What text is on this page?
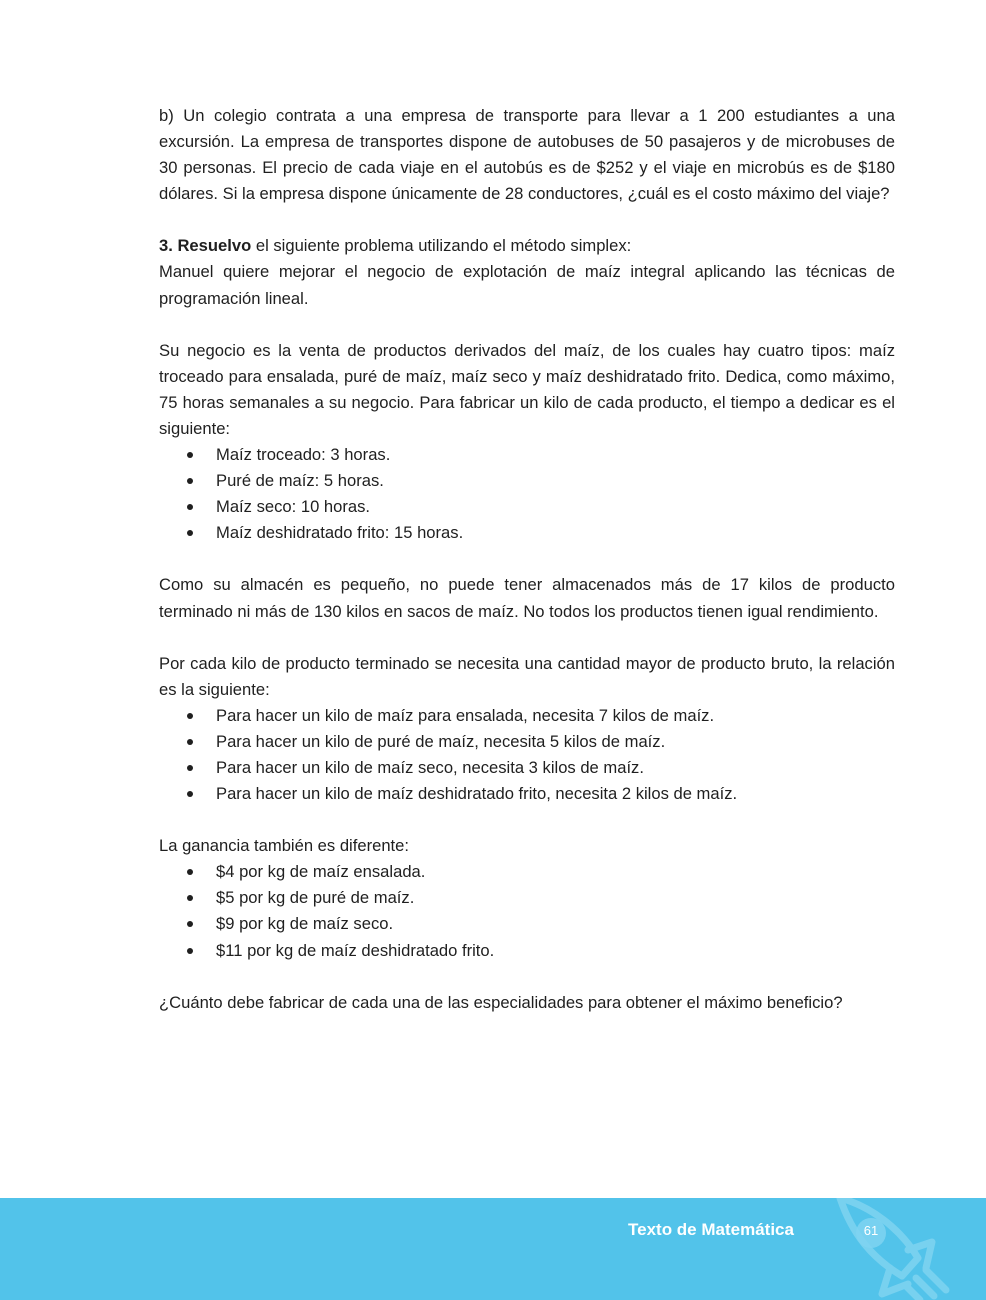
b) Un colegio contrata a una empresa de transporte para llevar a 1 200 estudiantes a una excursión. La empresa de transportes dispone de autobuses de 50 pasajeros y de microbuses de 30 personas. El precio de cada viaje en el autobús es de $252 y el viaje en microbús es de $180 dólares. Si la empresa dispone únicamente de 28 conductores, ¿cuál es el costo máximo del viaje?

3. Resuelvo el siguiente problema utilizando el método simplex:

Manuel quiere mejorar el negocio de explotación de maíz integral aplicando las técnicas de programación lineal.

Su negocio es la venta de productos derivados del maíz, de los cuales hay cuatro tipos: maíz troceado para ensalada, puré de maíz, maíz seco y maíz deshidratado frito. Dedica, como máximo, 75 horas semanales a su negocio. Para fabricar un kilo de cada producto, el tiempo a dedicar es el siguiente:

Maíz troceado: 3 horas.
Puré de maíz: 5 horas.
Maíz seco: 10 horas.
Maíz deshidratado frito: 15 horas.

Como su almacén es pequeño, no puede tener almacenados más de 17 kilos de producto terminado ni más de 130 kilos en sacos de maíz. No todos los productos tienen igual rendimiento.

Por cada kilo de producto terminado se necesita una cantidad mayor de producto bruto, la relación es la siguiente:

Para hacer un kilo de maíz para ensalada, necesita 7 kilos de maíz.
Para hacer un kilo de puré de maíz, necesita 5 kilos de maíz.
Para hacer un kilo de maíz seco, necesita 3 kilos de maíz.
Para hacer un kilo de maíz deshidratado frito, necesita 2 kilos de maíz.

La ganancia también es diferente:

$4 por kg de maíz ensalada.
$5 por kg de puré de maíz.
$9 por kg de maíz seco.
$11 por kg de maíz deshidratado frito.

¿Cuánto debe fabricar de cada una de las especialidades para obtener el máximo beneficio?

Texto de Matemática	61
